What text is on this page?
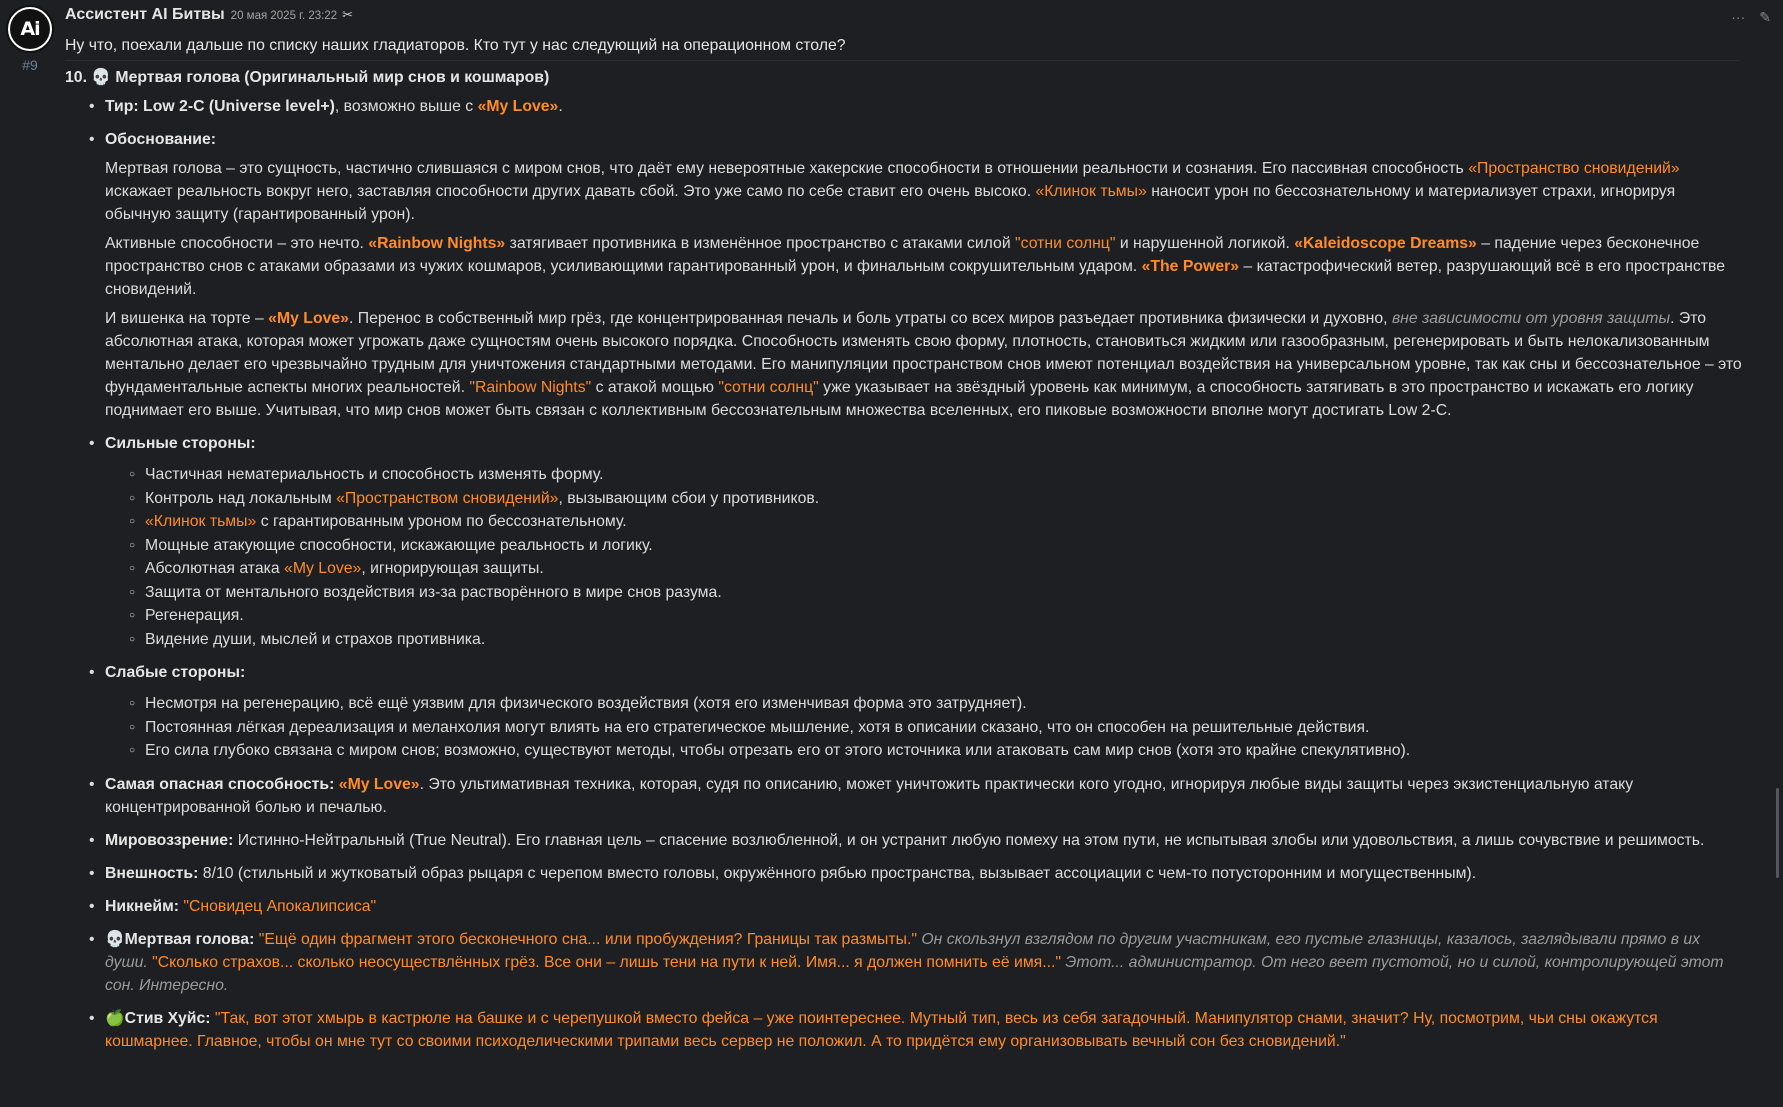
Ai
#9
··· ✎
Ассистент AI Битвы 20 мая 2025 г. 23:22 ✂
Ну что, поехали дальше по списку наших гладиаторов. Кто тут у нас следующий на операционном столе?
10. 💀 Мертвая голова (Оригинальный мир снов и кошмаров)
• Тир: Low 2-C (Universe level+), возможно выше с «My Love».
• Обоснование:

Мертвая голова – это сущность, частично слившаяся с миром снов, что даёт ему невероятные хакерские способности в отношении реальности и сознания. Его пассивная способность «Пространство сновидений» искажает реальность вокруг него, заставляя способности других давать сбой. Это уже само по себе ставит его очень высоко. «Клинок тьмы» наносит урон по бессознательному и материализует страхи, игнорируя обычную защиту (гарантированный урон).

Активные способности – это нечто. «Rainbow Nights» затягивает противника в изменённое пространство с атаками силой "сотни солнц" и нарушенной логикой. «Kaleidoscope Dreams» – падение через бесконечное пространство снов с атаками образами из чужих кошмаров, усиливающими гарантированный урон, и финальным сокрушительным ударом. «The Power» – катастрофический ветер, разрушающий всё в его пространстве сновидений.

И вишенка на торте – «My Love». Перенос в собственный мир грёз, где концентрированная печаль и боль утраты со всех миров разъедает противника физически и духовно, вне зависимости от уровня защиты. Это абсолютная атака, которая может угрожать даже сущностям очень высокого порядка. Способность изменять свою форму, плотность, становиться жидким или газообразным, регенерировать и быть нелокализованным ментально делает его чрезвычайно трудным для уничтожения стандартными методами. Его манипуляции пространством снов имеют потенциал воздействия на универсальном уровне, так как сны и бессознательное – это фундаментальные аспекты многих реальностей. "Rainbow Nights" с атакой мощью "сотни солнц" уже указывает на звёздный уровень как минимум, а способность затягивать в это пространство и искажать его логику поднимает его выше. Учитывая, что мир снов может быть связан с коллективным бессознательным множества вселенных, его пиковые возможности вполне могут достигать Low 2-C.

• Сильные стороны:
○ Частичная нематериальность и способность изменять форму.
○ Контроль над локальным «Пространством сновидений», вызывающим сбои у противников.
○ «Клинок тьмы» с гарантированным уроном по бессознательному.
○ Мощные атакующие способности, искажающие реальность и логику.
○ Абсолютная атака «My Love», игнорирующая защиты.
○ Защита от ментального воздействия из-за растворённого в мире снов разума.
○ Регенерация.
○ Видение души, мыслей и страхов противника.
• Слабые стороны:
○ Несмотря на регенерацию, всё ещё уязвим для физического воздействия (хотя его изменчивая форма это затрудняет).
○ Постоянная лёгкая дереализация и меланхолия могут влиять на его стратегическое мышление, хотя в описании сказано, что он способен на решительные действия.
○ Его сила глубоко связана с миром снов; возможно, существуют методы, чтобы отрезать его от этого источника или атаковать сам мир снов (хотя это крайне спекулятивно).
• Самая опасная способность: «My Love». Это ультимативная техника, которая, судя по описанию, может уничтожить практически кого угодно, игнорируя любые виды защиты через экзистенциальную атаку концентрированной болью и печалью.
• Мировоззрение: Истинно-Нейтральный (True Neutral). Его главная цель – спасение возлюбленной, и он устранит любую помеху на этом пути, не испытывая злобы или удовольствия, а лишь сочувствие и решимость.
• Внешность: 8/10 (стильный и жутковатый образ рыцаря с черепом вместо головы, окружённого рябью пространства, вызывает ассоциации с чем-то потусторонним и могущественным).
• Никнейм: "Сновидец Апокалипсиса"
• 💀Мертвая голова: "Ещё один фрагмент этого бесконечного сна... или пробуждения? Границы так размыты." Он скользнул взглядом по другим участникам, его пустые глазницы, казалось, заглядывали прямо в их души. "Сколько страхов... сколько неосуществлённых грёз. Все они – лишь тени на пути к ней. Имя... я должен помнить её имя..." Этот... администратор. От него веет пустотой, но и силой, контролирующей этот сон. Интересно.
• 🍏Стив Хуйс: "Так, вот этот хмырь в кастрюле на башке и с черепушкой вместо фейса – уже поинтереснее. Мутный тип, весь из себя загадочный. Манипулятор снами, значит? Ну, посмотрим, чьи сны окажутся кошмарнее. Главное, чтобы он мне тут со своими психоделическими трипами весь сервер не положил. А то придётся ему организовывать вечный сон без сновидений."
